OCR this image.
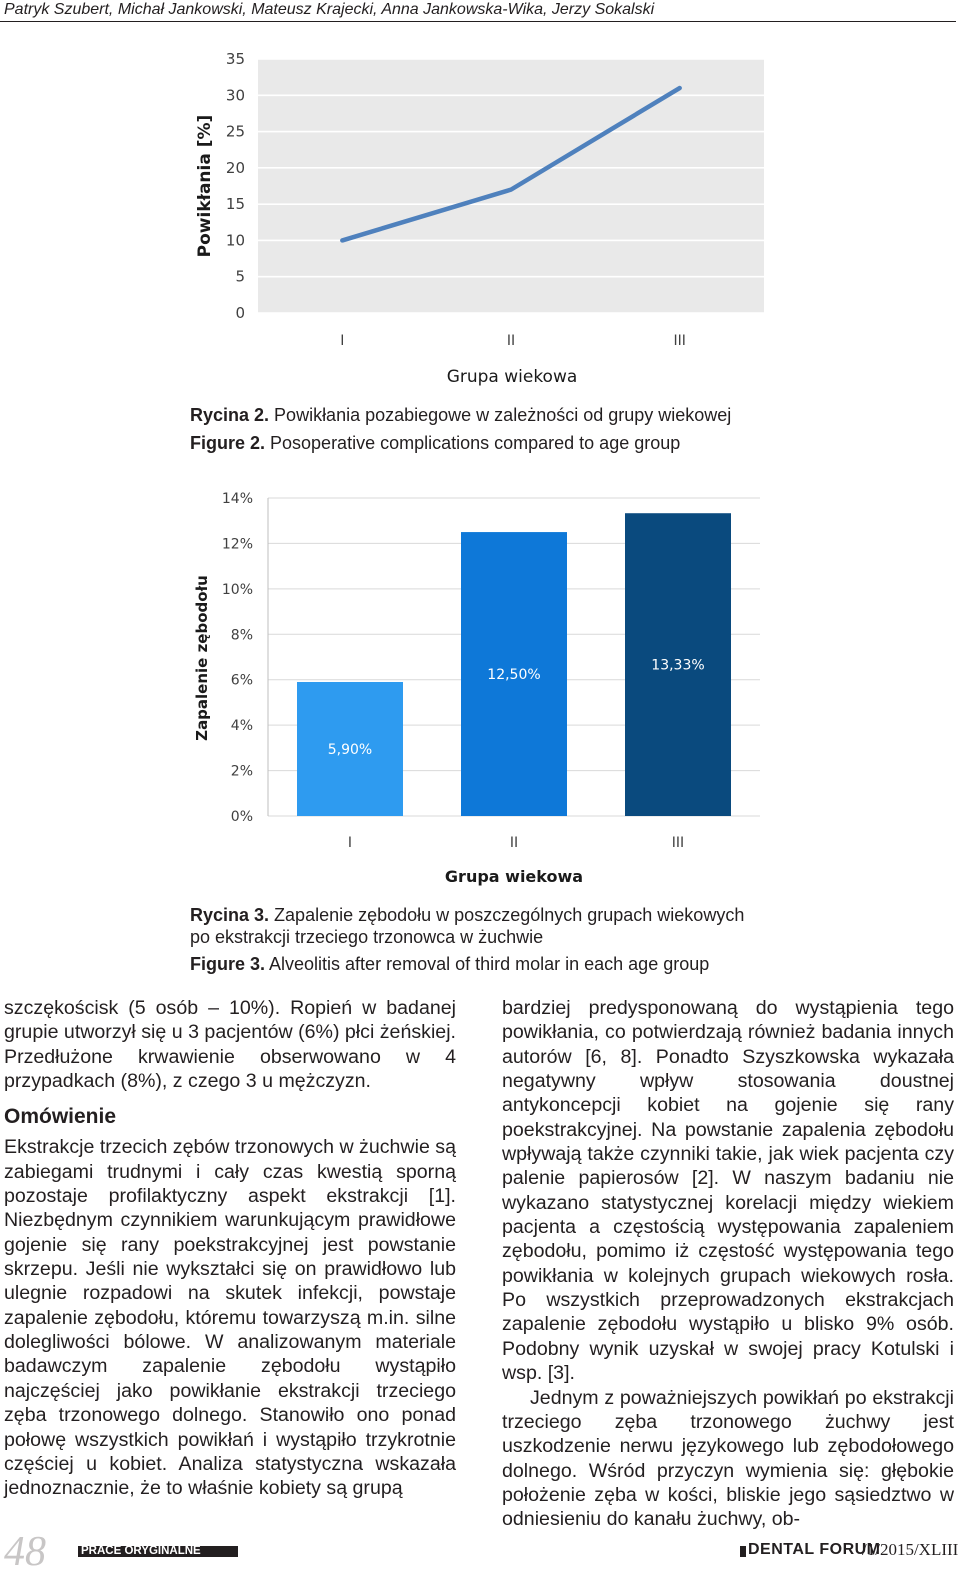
Patryk Szubert, Michał Jankowski, Mateusz Krajecki, Anna Jankowska-Wika, Jerzy Sokalski
0
5
10
15
20
25
30
35
I	II	III
Grupa wiekowa
Powikłania [%]
Rycina 2. Powikłania pozabiegowe w zależności od grupy wiekowej
Figure 2. Posoperative complications compared to age group
0%
2%
4%
6%
8%
10%
12%
14%
5,90%
I
12,50%
II
13,33%
III
Grupa wiekowa
Zapalenie zębodołu
Rycina 3. Zapalenie zębodołu w poszczególnych grupach wiekowych
po ekstrakcji trzeciego trzonowca w żuchwie
Figure 3. Alveolitis after removal of third molar in each age group

szczękościsk (5 osób – 10%). Ropień w badanej grupie utworzył się u 3 pacjentów (6%) płci żeńskiej. Przedłużone krwawienie obserwowano w 4 przypadkach (8%), z czego 3 u mężczyzn.

Omówienie

Ekstrakcje trzecich zębów trzonowych w żuchwie są zabiegami trudnymi i cały czas kwestią sporną pozostaje profilaktyczny aspekt ekstrakcji [1]. Niezbędnym czynnikiem warunkującym prawidłowe gojenie się rany poekstrakcyjnej jest powstanie skrzepu. Jeśli nie wykształci się on prawidłowo lub ulegnie rozpadowi na skutek infekcji, powstaje zapalenie zębodołu, któremu towarzyszą m.in. silne dolegliwości bólowe. W analizowanym materiale badawczym zapalenie zębodołu wystąpiło najczęściej jako powikłanie ekstrakcji trzeciego zęba trzonowego dolnego. Stanowiło ono ponad połowę wszystkich powikłań i wystąpiło trzykrotnie częściej u kobiet. Analiza statystyczna wskazała jednoznacznie, że to właśnie kobiety są grupą

bardziej predysponowaną do wystąpienia tego powikłania, co potwierdzają również badania innych autorów [6, 8]. Ponadto Szyszkowska wykazała negatywny wpływ stosowania doustnej antykoncepcji kobiet na gojenie się rany poekstrakcyjnej. Na powstanie zapalenia zębodołu wpływają także czynniki takie, jak wiek pacjenta czy palenie papierosów [2]. W naszym badaniu nie wykazano statystycznej korelacji między wiekiem pacjenta a częstością występowania zapaleniem zębodołu, pomimo iż częstość występowania tego powikłania w kolejnych grupach wiekowych rosła. Po wszystkich przeprowadzonych ekstrakcjach zapalenie zębodołu wystąpiło u blisko 9% osób. Podobny wynik uzyskał w swojej pracy Kotulski i wsp. [3].

Jednym z poważniejszych powikłań po ekstrakcji trzeciego zęba trzonowego żuchwy jest uszkodzenie nerwu językowego lub zębodołowego dolnego. Wśród przyczyn wymienia się: głębokie położenie zęba w kości, bliskie jego sąsiedztwo w odniesieniu do kanału żuchwy, ob-

48	PRACE ORYGINALNE	DENTAL FORUM
/1/2015/XLIII
